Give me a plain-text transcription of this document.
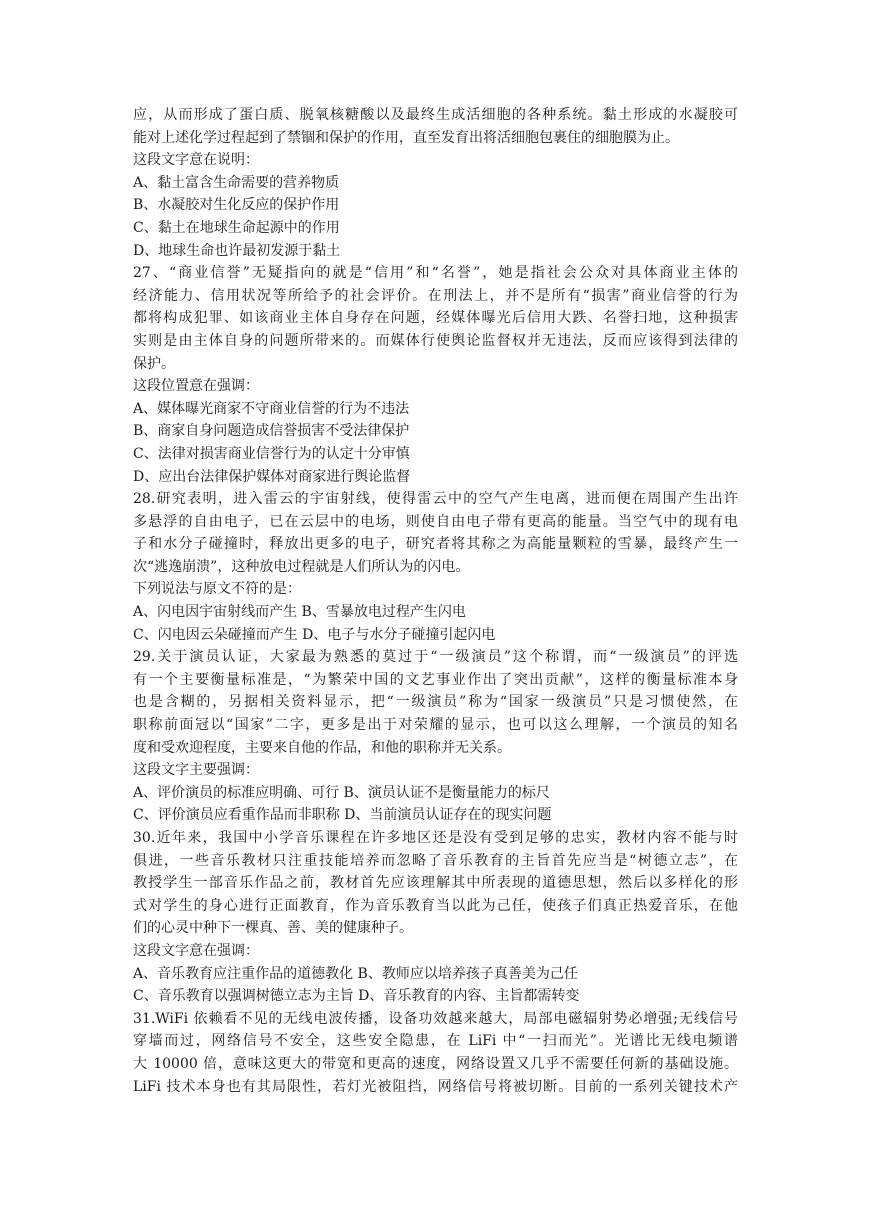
应，从而形成了蛋白质、脱氧核糖酸以及最终生成活细胞的各种系统。黏土形成的水凝胶可
能对上述化学过程起到了禁锢和保护的作用，直至发育出将活细胞包裹住的细胞膜为止。
这段文字意在说明：
A、黏土富含生命需要的营养物质
B、水凝胶对生化反应的保护作用
C、黏土在地球生命起源中的作用
D、地球生命也许最初发源于黏土
27、“商业信誉”无疑指向的就是“信用”和“名誉”，她是指社会公众对具体商业主体的
经济能力、信用状况等所给予的社会评价。在刑法上，并不是所有“损害”商业信誉的行为
都将构成犯罪、如该商业主体自身存在问题，经媒体曝光后信用大跌、名誉扫地，这种损害
实则是由主体自身的问题所带来的。而媒体行使舆论监督权并无违法，反而应该得到法律的
保护。
这段位置意在强调：
A、媒体曝光商家不守商业信誉的行为不违法
B、商家自身问题造成信誉损害不受法律保护
C、法律对损害商业信誉行为的认定十分审慎
D、应出台法律保护媒体对商家进行舆论监督
28.研究表明，进入雷云的宇宙射线，使得雷云中的空气产生电离，进而便在周围产生出许
多悬浮的自由电子，已在云层中的电场，则使自由电子带有更高的能量。当空气中的现有电
子和水分子碰撞时，释放出更多的电子，研究者将其称之为高能量颗粒的雪暴，最终产生一
次“逃逸崩溃”，这种放电过程就是人们所认为的闪电。
下列说法与原文不符的是：
A、闪电因宇宙射线而产生 B、雪暴放电过程产生闪电
C、闪电因云朵碰撞而产生 D、电子与水分子碰撞引起闪电
29.关于演员认证，大家最为熟悉的莫过于“一级演员”这个称谓，而“一级演员”的评选
有一个主要衡量标准是，“为繁荣中国的文艺事业作出了突出贡献”，这样的衡量标准本身
也是含糊的，另据相关资料显示，把“一级演员”称为“国家一级演员”只是习惯使然，在
职称前面冠以“国家”二字，更多是出于对荣耀的显示，也可以这么理解，一个演员的知名
度和受欢迎程度，主要来自他的作品，和他的职称并无关系。
这段文字主要强调：
A、评价演员的标准应明确、可行 B、演员认证不是衡量能力的标尺
C、评价演员应看重作品而非职称 D、当前演员认证存在的现实问题
30.近年来，我国中小学音乐课程在许多地区还是没有受到足够的忠实，教材内容不能与时
俱进，一些音乐教材只注重技能培养而忽略了音乐教育的主旨首先应当是“树德立志”，在
教授学生一部音乐作品之前，教材首先应该理解其中所表现的道德思想，然后以多样化的形
式对学生的身心进行正面教育，作为音乐教育当以此为己任，使孩子们真正热爱音乐，在他
们的心灵中种下一棵真、善、美的健康种子。
这段文字意在强调：
A、音乐教育应注重作品的道德教化 B、教师应以培养孩子真善美为己任
C、音乐教育以强调树德立志为主旨 D、音乐教育的内容、主旨都需转变
31.WiFi 依赖看不见的无线电波传播，设备功效越来越大，局部电磁辐射势必增强;无线信号
穿墙而过，网络信号不安全，这些安全隐患，在 LiFi 中“一扫而光”。光谱比无线电频谱
大 10000 倍，意味这更大的带宽和更高的速度，网络设置又几乎不需要任何新的基础设施。
LiFi 技术本身也有其局限性，若灯光被阻挡，网络信号将被切断。目前的一系列关键技术产
